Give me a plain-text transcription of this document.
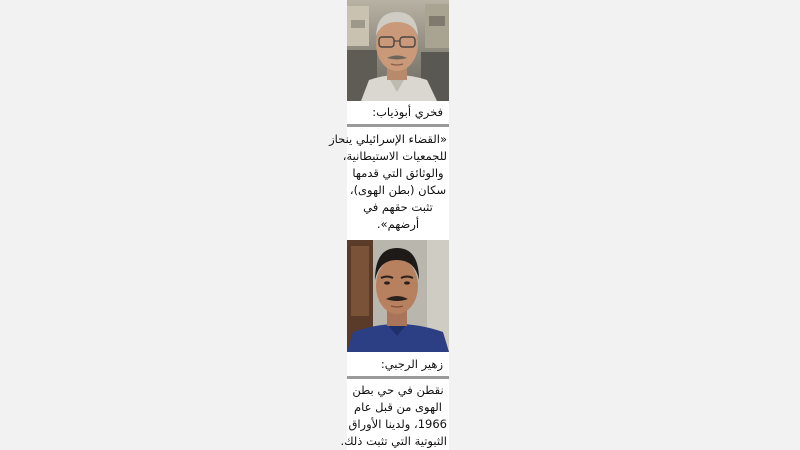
فخري أبوذياب:
«القضاء الإسرائيلي ينحاز
للجمعيات الاستيطانية،
والوثائق التي قدمها
سكان (بطن الهوى)،
تثبت حقهم في
أرضهم».
زهير الرجبي:
نقطن في حي بطن
الهوى من قبل عام
1966، ولدينا الأوراق
الثبوتية التي تثبت ذلك.
